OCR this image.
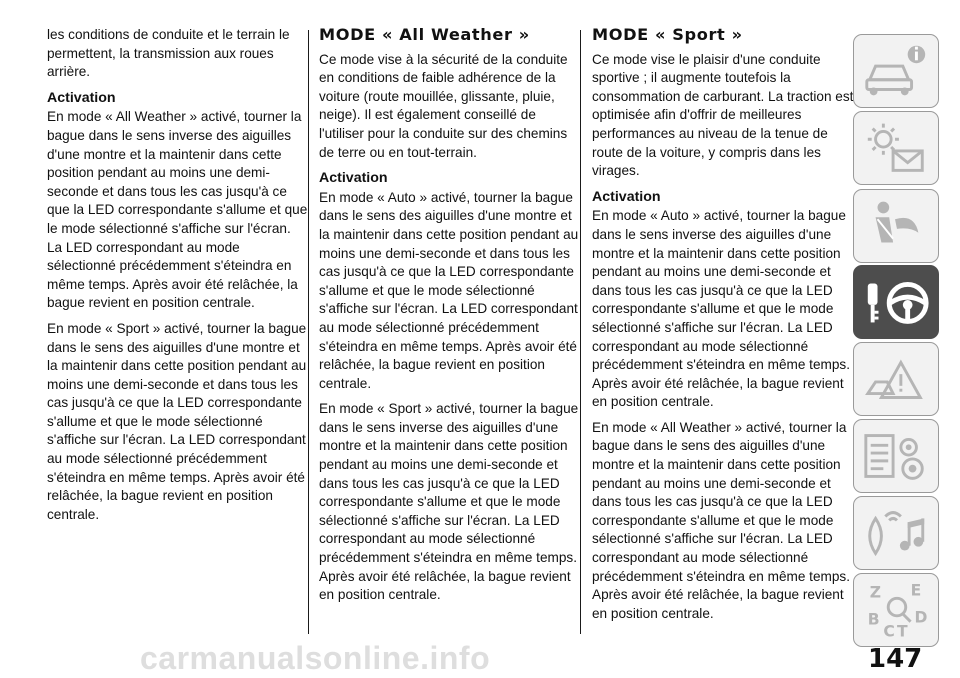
les conditions de conduite et le terrain le permettent, la transmission aux roues arrière.

Activation

En mode « All Weather » activé, tourner la bague dans le sens inverse des aiguilles d'une montre et la maintenir dans cette position pendant au moins une demi-seconde et dans tous les cas jusqu'à ce que la LED correspondante s'allume et que le mode sélectionné s'affiche sur l'écran. La LED correspondant au mode sélectionné précédemment s'éteindra en même temps. Après avoir été relâchée, la bague revient en position centrale.

En mode « Sport » activé, tourner la bague dans le sens des aiguilles d'une montre et la maintenir dans cette position pendant au moins une demi-seconde et dans tous les cas jusqu'à ce que la LED correspondante s'allume et que le mode sélectionné s'affiche sur l'écran. La LED correspondant au mode sélectionné précédemment s'éteindra en même temps. Après avoir été relâchée, la bague revient en position centrale.

MODE « All Weather »

Ce mode vise à la sécurité de la conduite en conditions de faible adhérence de la voiture (route mouillée, glissante, pluie, neige). Il est également conseillé de l'utiliser pour la conduite sur des chemins de terre ou en tout-terrain.

Activation

En mode « Auto » activé, tourner la bague dans le sens des aiguilles d'une montre et la maintenir dans cette position pendant au moins une demi-seconde et dans tous les cas jusqu'à ce que la LED correspondante s'allume et que le mode sélectionné s'affiche sur l'écran. La LED correspondant au mode sélectionné précédemment s'éteindra en même temps. Après avoir été relâchée, la bague revient en position centrale.

En mode « Sport » activé, tourner la bague dans le sens inverse des aiguilles d'une montre et la maintenir dans cette position pendant au moins une demi-seconde et dans tous les cas jusqu'à ce que la LED correspondante s'allume et que le mode sélectionné s'affiche sur l'écran. La LED correspondant au mode sélectionné précédemment s'éteindra en même temps. Après avoir été relâchée, la bague revient en position centrale.

MODE « Sport »

Ce mode vise le plaisir d'une conduite sportive ; il augmente toutefois la consommation de carburant. La traction est optimisée afin d'offrir de meilleures performances au niveau de la tenue de route de la voiture, y compris dans les virages.

Activation

En mode « Auto » activé, tourner la bague dans le sens inverse des aiguilles d'une montre et la maintenir dans cette position pendant au moins une demi-seconde et dans tous les cas jusqu'à ce que la LED correspondante s'allume et que le mode sélectionné s'affiche sur l'écran. La LED correspondant au mode sélectionné précédemment s'éteindra en même temps. Après avoir été relâchée, la bague revient en position centrale.

En mode « All Weather » activé, tourner la bague dans le sens des aiguilles d'une montre et la maintenir dans cette position pendant au moins une demi-seconde et dans tous les cas jusqu'à ce que la LED correspondante s'allume et que le mode sélectionné s'affiche sur l'écran. La LED correspondant au mode sélectionné précédemment s'éteindra en même temps. Après avoir été relâchée, la bague revient en position centrale.

Z E
B
C T
D
carmanualsonline.info	147
